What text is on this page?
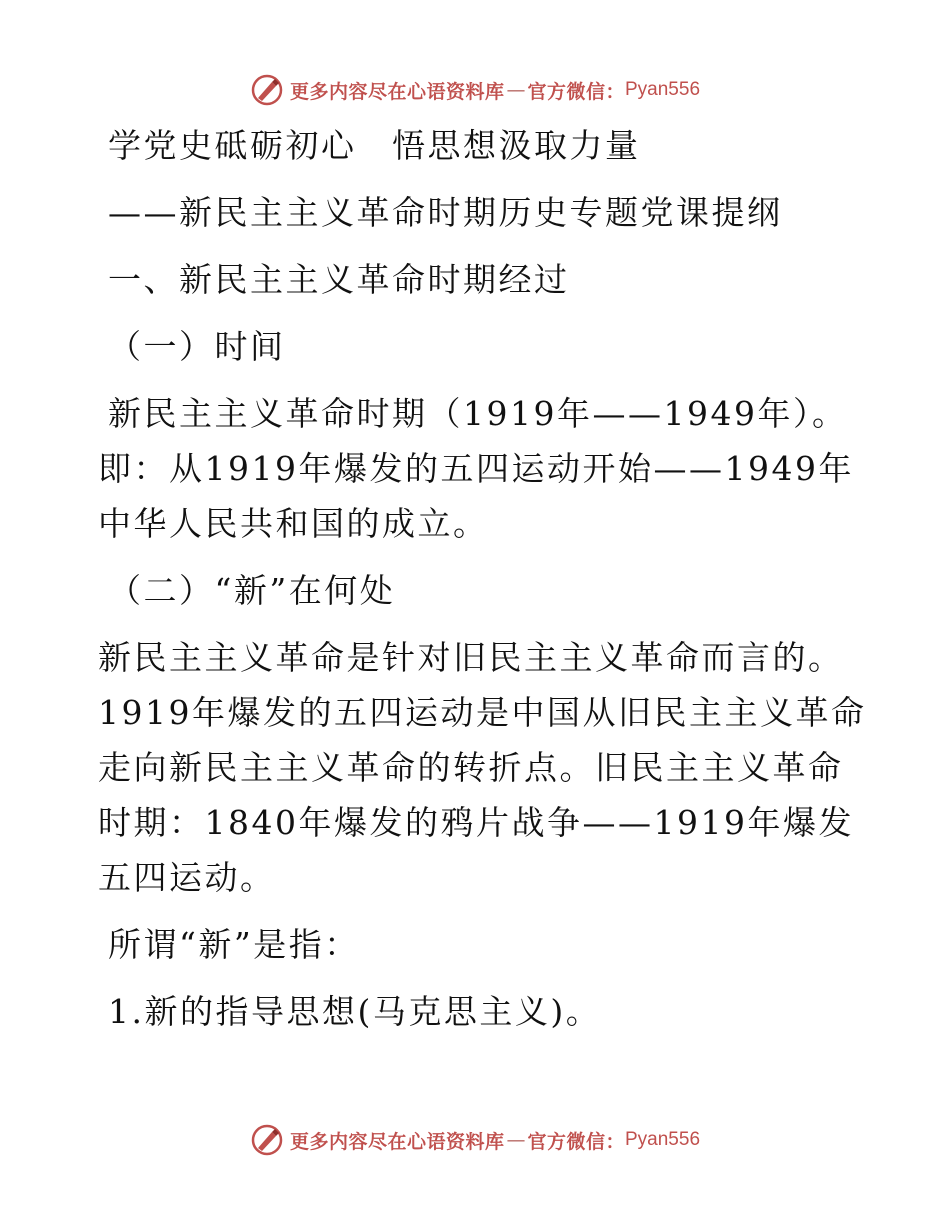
更多内容尽在心语资料库 — 官方微信： Pyan556

学党史砥砺初心　悟思想汲取力量

——新民主主义革命时期历史专题党课提纲

一、新民主主义革命时期经过

（一）时间

新民主主义革命时期（1919年——1949年）。

即：从1919年爆发的五四运动开始——1949年中华人民共和国的成立。

（二）“新”在何处

新民主主义革命是针对旧民主主义革命而言的。1919年爆发的五四运动是中国从旧民主主义革命走向新民主主义革命的转折点。旧民主主义革命时期：1840年爆发的鸦片战争——1919年爆发五四运动。

所谓“新”是指：

1.新的指导思想(马克思主义)。

更多内容尽在心语资料库 — 官方微信： Pyan556
